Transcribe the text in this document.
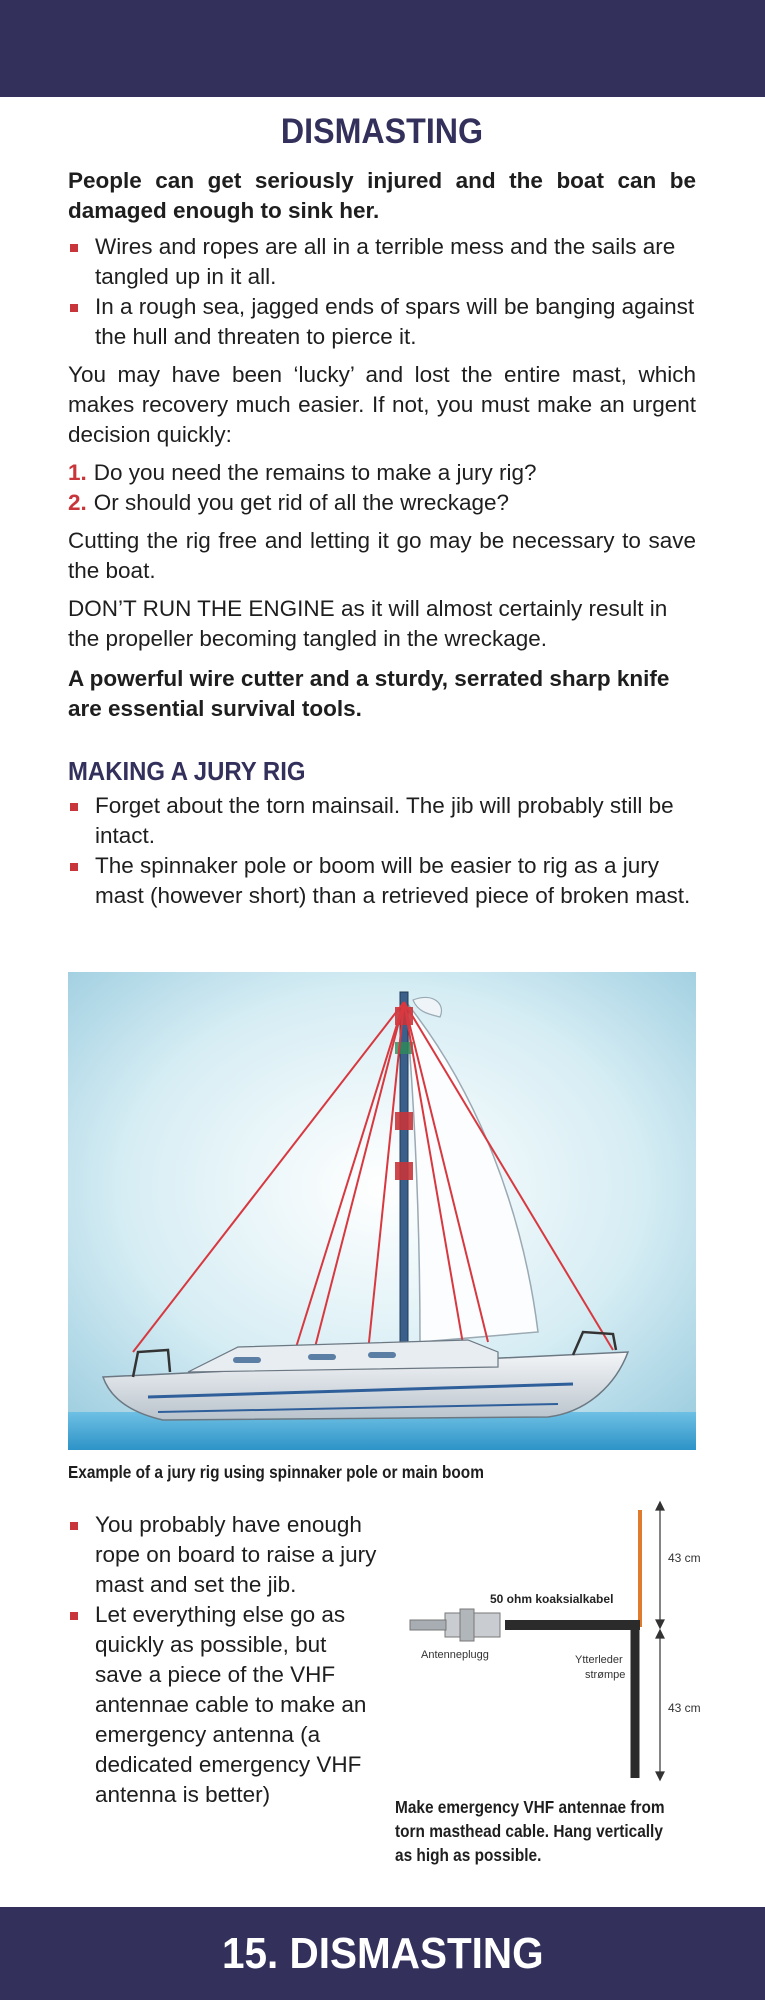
DISMASTING

People can get seriously injured and the boat can be damaged enough to sink her.

Wires and ropes are all in a terrible mess and the sails are tangled up in it all.
In a rough sea, jagged ends of spars will be banging against the hull and threaten to pierce it.

You may have been ‘lucky’ and lost the entire mast, which makes recovery much easier. If not, you must make an urgent decision quickly:

1. Do you need the remains to make a jury rig?
2. Or should you get rid of all the wreckage?

Cutting the rig free and letting it go may be necessary to save the boat.

DON’T RUN THE ENGINE as it will almost certainly result in the propeller becoming tangled in the wreckage.

A powerful wire cutter and a sturdy, serrated sharp knife are essential survival tools.

MAKING A JURY RIG
Forget about the torn mainsail. The jib will probably still be intact.
The spinnaker pole or boom will be easier to rig as a jury mast (however short) than a retrieved piece of broken mast.
Example of a jury rig using spinnaker pole or main boom
You probably have enough rope on board to raise a jury mast and set the jib.
Let everything else go as quickly as possible, but save a piece of the VHF antennae cable to make an emergency antenna (a dedicated emergency VHF antenna is better)
43 cm
43 cm
50 ohm koaksialkabel
Antenneplugg	Ytterleder
strømpe
Make emergency VHF antennae from torn masthead cable. Hang vertically as high as possible.
15. DISMASTING
